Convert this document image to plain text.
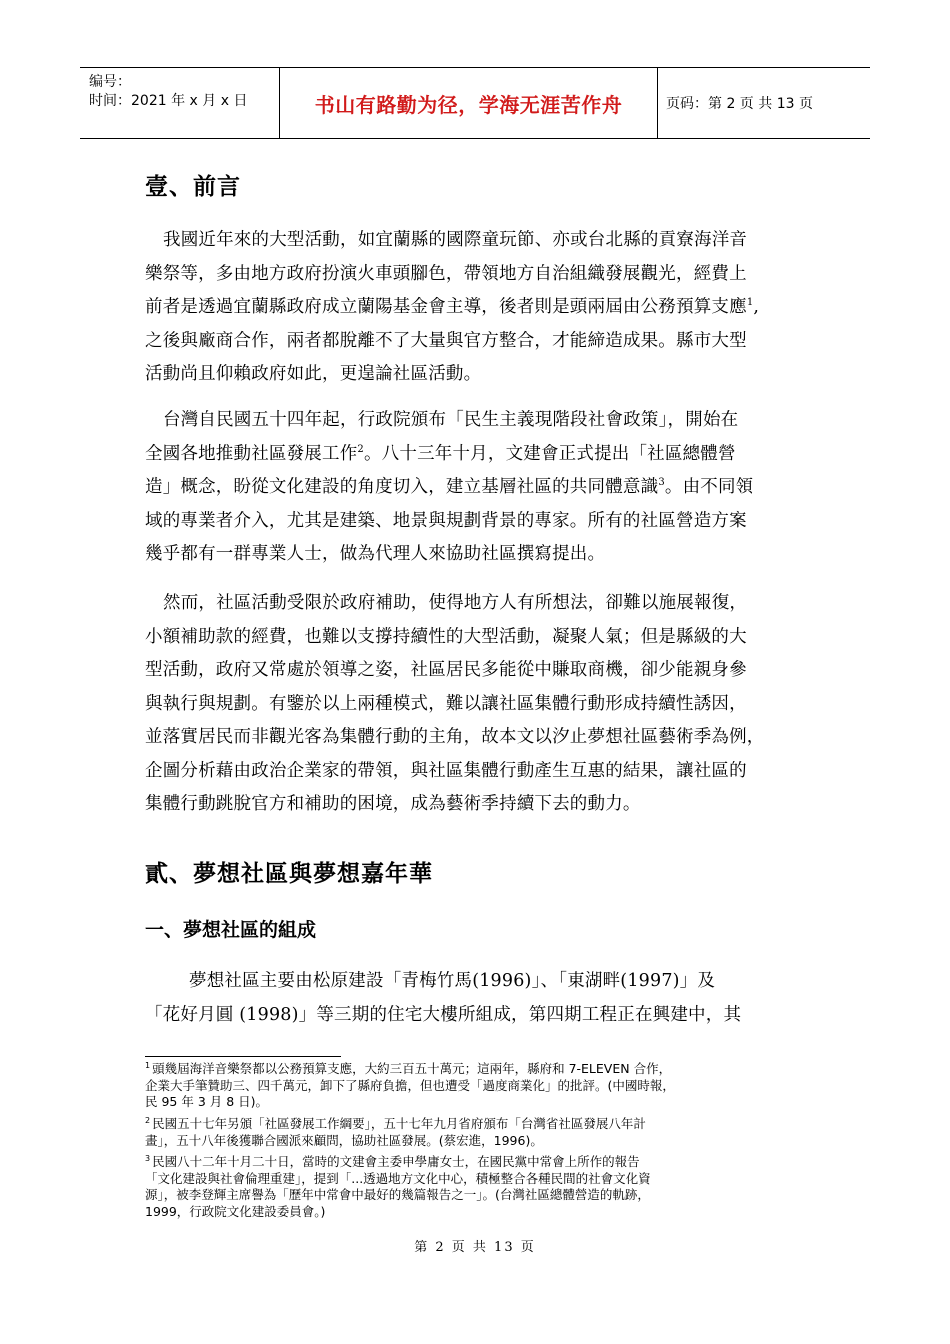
编号：
时间：2021 年 x 月 x 日	书山有路勤为径，学海无涯苦作舟	页码：第 2 页 共 13 页
壹、前言
我國近年來的大型活動，如宜蘭縣的國際童玩節、亦或台北縣的貢寮海洋音
樂祭等，多由地方政府扮演火車頭腳色，帶領地方自治組織發展觀光，經費上
前者是透過宜蘭縣政府成立蘭陽基金會主導，後者則是頭兩屆由公務預算支應$^1$,
之後與廠商合作，兩者都脫離不了大量與官方整合，才能締造成果。縣市大型
活動尚且仰賴政府如此，更遑論社區活動。
台灣自民國五十四年起，行政院頒布「民生主義現階段社會政策」，開始在
全國各地推動社區發展工作$^2$。八十三年十月，文建會正式提出「社區總體營
造」概念，盼從文化建設的角度切入，建立基層社區的共同體意識$^3$。由不同領
域的專業者介入，尤其是建築、地景與規劃背景的專家。所有的社區營造方案
幾乎都有一群專業人士，做為代理人來協助社區撰寫提出。
然而，社區活動受限於政府補助，使得地方人有所想法，卻難以施展報復，
小額補助款的經費，也難以支撐持續性的大型活動，凝聚人氣；但是縣級的大
型活動，政府又常處於領導之姿，社區居民多能從中賺取商機，卻少能親身參
與執行與規劃。有鑒於以上兩種模式，難以讓社區集體行動形成持續性誘因，
並落實居民而非觀光客為集體行動的主角，故本文以汐止夢想社區藝術季為例，
企圖分析藉由政治企業家的帶領，與社區集體行動產生互惠的結果，讓社區的
集體行動跳脫官方和補助的困境，成為藝術季持續下去的動力。
貳、夢想社區與夢想嘉年華
一、夢想社區的組成
夢想社區主要由松原建設「青梅竹馬(1996)」、「東湖畔(1997)」及
「花好月圓 (1998)」等三期的住宅大樓所組成，第四期工程正在興建中，其
$^1$ 頭幾屆海洋音樂祭都以公務預算支應，大約三百五十萬元；這兩年，縣府和 7-ELEVEN 合作，
企業大手筆贊助三、四千萬元，卸下了縣府負擔，但也遭受「過度商業化」的批評。(中國時報，
民 95 年 3 月 8 日)。
$^2$ 民國五十七年另頒「社區發展工作綱要」，五十七年九月省府頒布「台灣省社區發展八年計
畫」，五十八年後獲聯合國派來顧問，協助社區發展。(蔡宏進，1996)。
$^3$ 民國八十二年十月二十日，當時的文建會主委申學庸女士，在國民黨中常會上所作的報告
「文化建設與社會倫理重建」，提到「...透過地方文化中心，積極整合各種民間的社會文化資
源」，被李登輝主席譽為「歷年中常會中最好的幾篇報告之一」。(台灣社區總體營造的軌跡，
1999，行政院文化建設委員會。)
第 2 页 共 13 页
